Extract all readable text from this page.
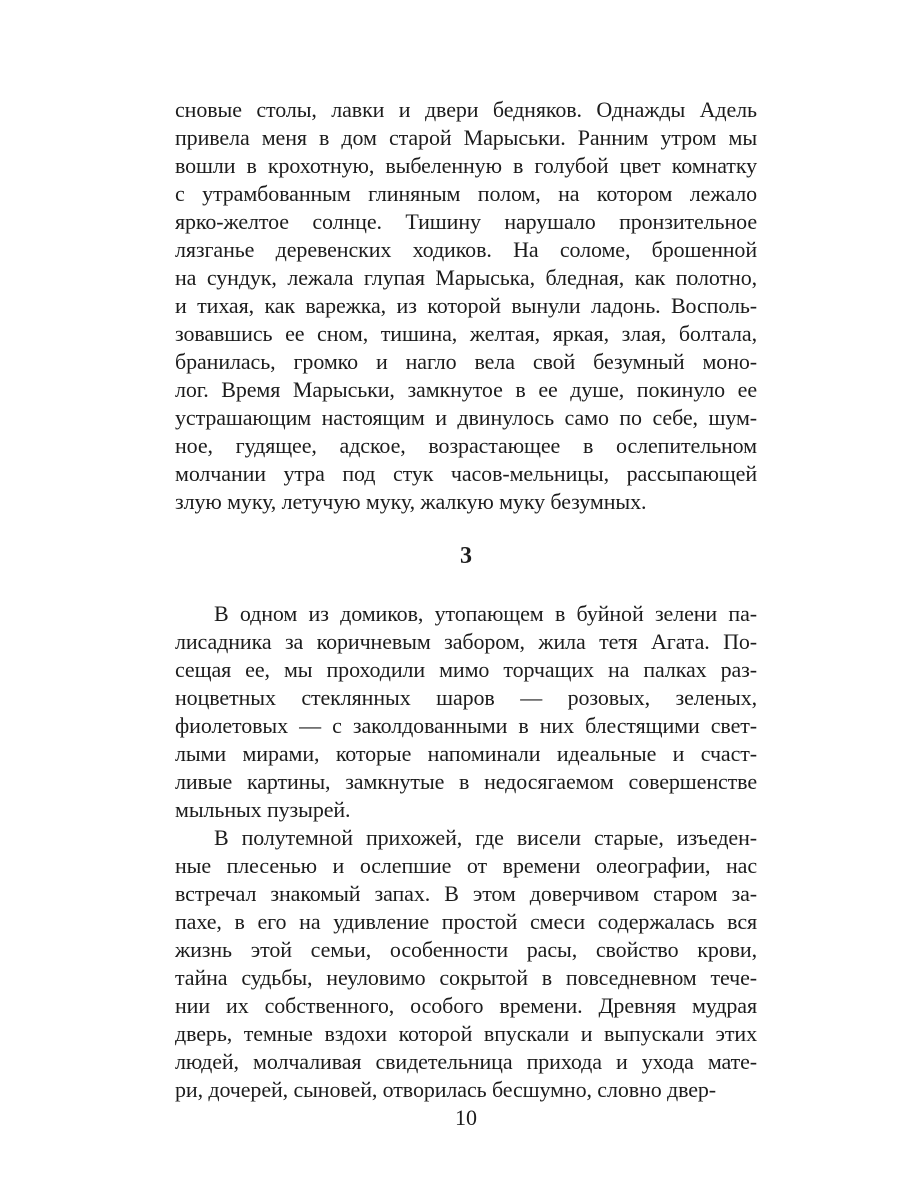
сновые столы, лавки и двери бедняков. Однажды Адель
привела меня в дом старой Марыськи. Ранним утром мы
вошли в крохотную, выбеленную в голубой цвет комнатку
с утрамбованным глиняным полом, на котором лежало
ярко-желтое солнце. Тишину нарушало пронзительное
лязганье деревенских ходиков. На соломе, брошенной
на сундук, лежала глупая Марыська, бледная, как полотно,
и тихая, как варежка, из которой вынули ладонь. Восполь-
зовавшись ее сном, тишина, желтая, яркая, злая, болтала,
бранилась, громко и нагло вела свой безумный моно-
лог. Время Марыськи, замкнутое в ее душе, покинуло ее
устрашающим настоящим и двинулось само по себе, шум-
ное, гудящее, адское, возрастающее в ослепительном
молчании утра под стук часов-мельницы, рассыпающей
злую муку, летучую муку, жалкую муку безумных.
3
В одном из домиков, утопающем в буйной зелени па-
лисадника за коричневым забором, жила тетя Агата. По-
сещая ее, мы проходили мимо торчащих на палках раз-
ноцветных стеклянных шаров — розовых, зеленых,
фиолетовых — с заколдованными в них блестящими свет-
лыми мирами, которые напоминали идеальные и счаст-
ливые картины, замкнутые в недосягаемом совершенстве
мыльных пузырей.
В полутемной прихожей, где висели старые, изъеден-
ные плесенью и ослепшие от времени олеографии, нас
встречал знакомый запах. В этом доверчивом старом за-
пахе, в его на удивление простой смеси содержалась вся
жизнь этой семьи, особенности расы, свойство крови,
тайна судьбы, неуловимо сокрытой в повседневном тече-
нии их собственного, особого времени. Древняя мудрая
дверь, темные вздохи которой впускали и выпускали этих
людей, молчаливая свидетельница прихода и ухода мате-
ри, дочерей, сыновей, отворилась бесшумно, словно двер-
10
